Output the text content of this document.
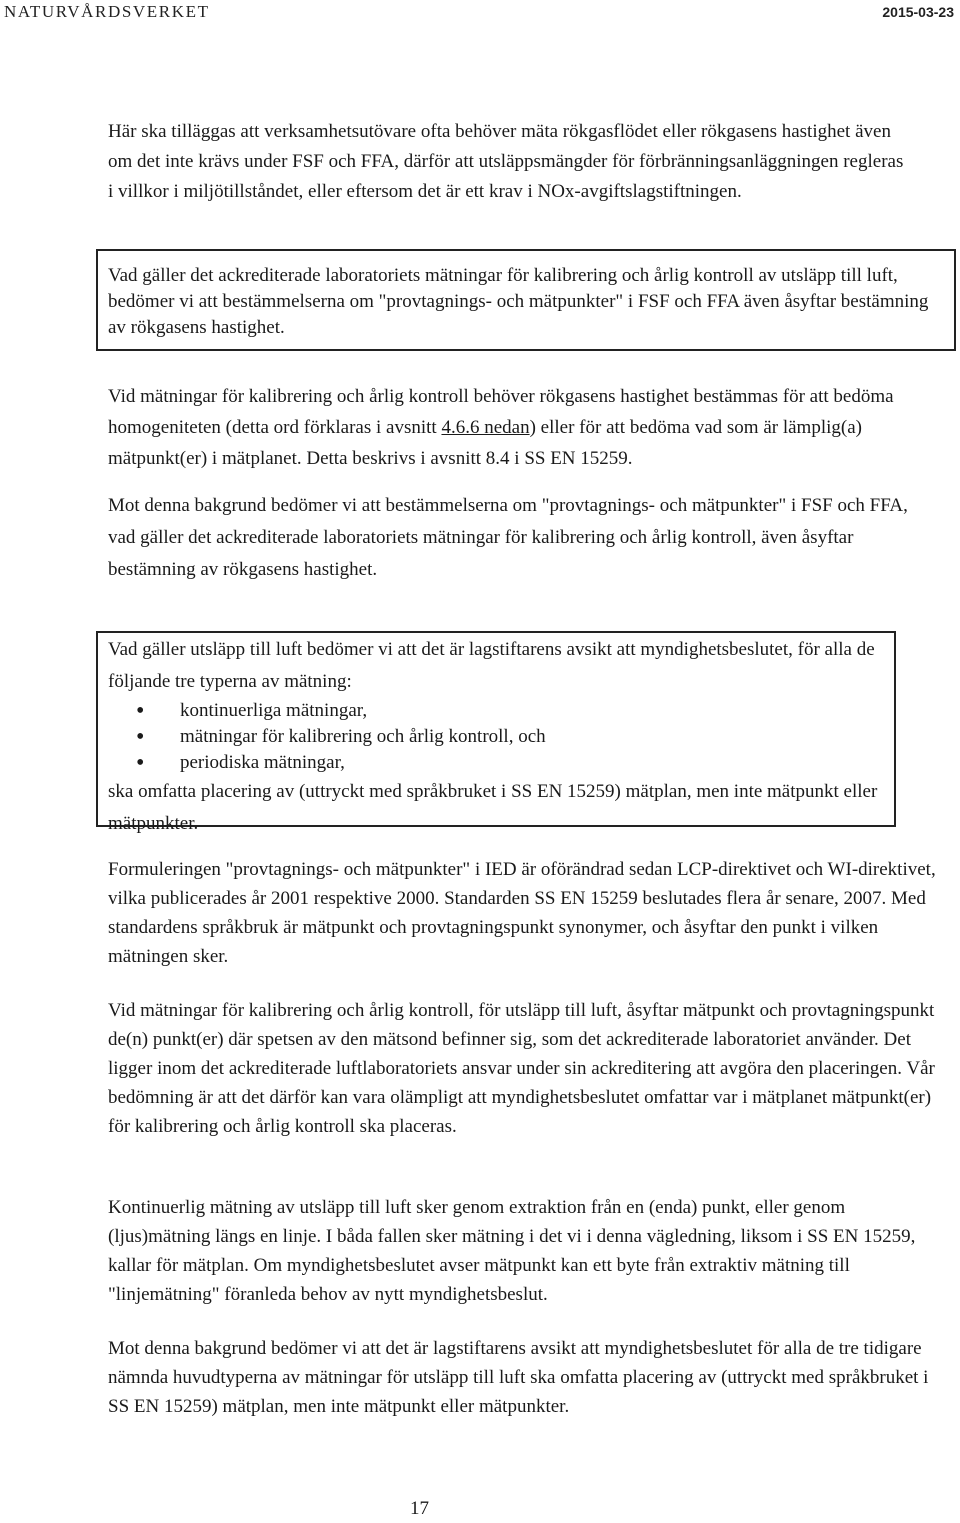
NATURVÅRDSVERKET	2015-03-23

Här ska tilläggas att verksamhetsutövare ofta behöver mäta rökgasflödet eller rökgasens hastighet även om det inte krävs under FSF och FFA, därför att utsläppsmängder för förbränningsanläggningen regleras i villkor i miljötillståndet, eller eftersom det är ett krav i NOx-avgiftslagstiftningen.

Vad gäller det ackrediterade laboratoriets mätningar för kalibrering och årlig kontroll av utsläpp till luft, bedömer vi att bestämmelserna om "provtagnings- och mätpunkter" i FSF och FFA även åsyftar bestämning av rökgasens hastighet.

Vid mätningar för kalibrering och årlig kontroll behöver rökgasens hastighet bestämmas för att bedöma homogeniteten (detta ord förklaras i avsnitt 4.6.6 nedan) eller för att bedöma vad som är lämplig(a) mätpunkt(er) i mätplanet. Detta beskrivs i avsnitt 8.4 i SS EN 15259.

Mot denna bakgrund bedömer vi att bestämmelserna om "provtagnings- och mätpunkter" i FSF och FFA, vad gäller det ackrediterade laboratoriets mätningar för kalibrering och årlig kontroll, även åsyftar bestämning av rökgasens hastighet.

Vad gäller utsläpp till luft bedömer vi att det är lagstiftarens avsikt att myndighetsbeslutet, för alla de följande tre typerna av mätning:
• kontinuerliga mätningar,
• mätningar för kalibrering och årlig kontroll, och
• periodiska mätningar,
ska omfatta placering av (uttryckt med språkbruket i SS EN 15259) mätplan, men inte mätpunkt eller mätpunkter.

Formuleringen "provtagnings- och mätpunkter" i IED är oförändrad sedan LCP-direktivet och WI-direktivet, vilka publicerades år 2001 respektive 2000. Standarden SS EN 15259 beslutades flera år senare, 2007. Med standardens språkbruk är mätpunkt och provtagningspunkt synonymer, och åsyftar den punkt i vilken mätningen sker.

Vid mätningar för kalibrering och årlig kontroll, för utsläpp till luft, åsyftar mätpunkt och provtagningspunkt de(n) punkt(er) där spetsen av den mätsond befinner sig, som det ackrediterade laboratoriet använder. Det ligger inom det ackrediterade luftlaboratoriets ansvar under sin ackreditering att avgöra den placeringen. Vår bedömning är att det därför kan vara olämpligt att myndighetsbeslutet omfattar var i mätplanet mätpunkt(er) för kalibrering och årlig kontroll ska placeras.

Kontinuerlig mätning av utsläpp till luft sker genom extraktion från en (enda) punkt, eller genom (ljus)mätning längs en linje. I båda fallen sker mätning i det vi i denna vägledning, liksom i SS EN 15259, kallar för mätplan. Om myndighetsbeslutet avser mätpunkt kan ett byte från extraktiv mätning till "linjemätning" föranleda behov av nytt myndighetsbeslut.

Mot denna bakgrund bedömer vi att det är lagstiftarens avsikt att myndighetsbeslutet för alla de tre tidigare nämnda huvudtyperna av mätningar för utsläpp till luft ska omfatta placering av (uttryckt med språkbruket i SS EN 15259) mätplan, men inte mätpunkt eller mätpunkter.

17
